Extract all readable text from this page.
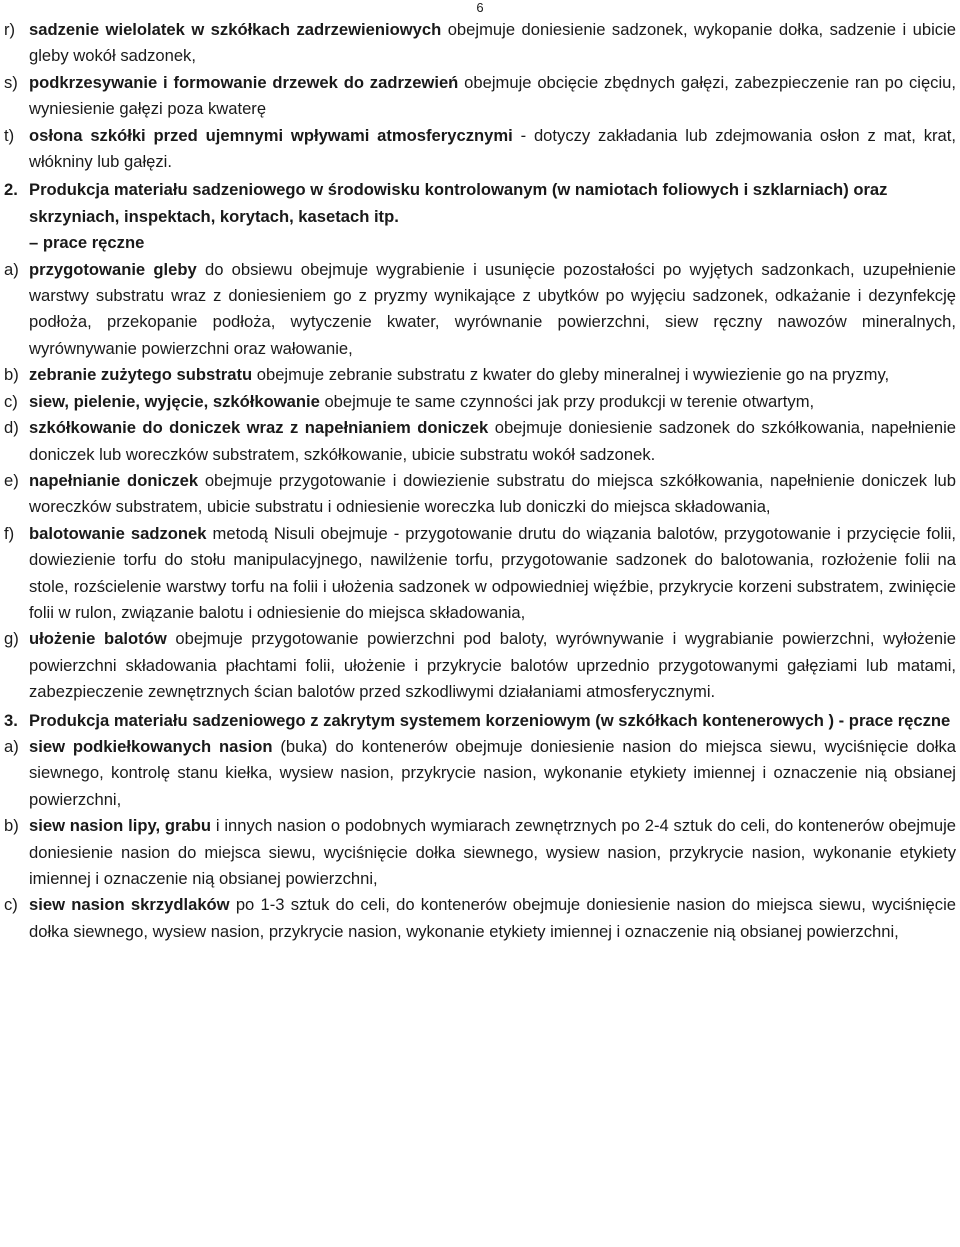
6
r) sadzenie wielolatek w szkółkach zadrzewieniowych obejmuje doniesienie sadzonek, wykopanie dołka, sadzenie i ubicie gleby wokół sadzonek,
s) podkrzesywanie i formowanie drzewek do zadrzewień obejmuje obcięcie zbędnych gałęzi, zabezpieczenie ran po cięciu, wyniesienie gałęzi poza kwaterę
t) osłona szkółki przed ujemnymi wpływami atmosferycznymi - dotyczy zakładania lub zdejmowania osłon z mat, krat, włókniny lub gałęzi.
2. Produkcja materiału sadzeniowego w środowisku kontrolowanym (w namiotach foliowych i szklarniach) oraz skrzyniach, inspektach, korytach, kasetach itp.
– prace ręczne
a) przygotowanie gleby do obsiewu obejmuje wygrabienie i usunięcie pozostałości po wyjętych sadzonkach, uzupełnienie warstwy substratu wraz z doniesieniem go z pryzmy wynikające z ubytków po wyjęciu sadzonek, odkażanie i dezynfekcję podłoża, przekopanie podłoża, wytyczenie kwater, wyrównanie powierzchni, siew ręczny nawozów mineralnych, wyrównywanie powierzchni oraz wałowanie,
b) zebranie zużytego substratu obejmuje zebranie substratu z kwater do gleby mineralnej i wywiezienie go na pryzmy,
c) siew, pielenie, wyjęcie, szkółkowanie obejmuje te same czynności jak przy produkcji w terenie otwartym,
d) szkółkowanie do doniczek wraz z napełnianiem doniczek obejmuje doniesienie sadzonek do szkółkowania, napełnienie doniczek lub woreczków substratem, szkółkowanie, ubicie substratu wokół sadzonek.
e) napełnianie doniczek obejmuje przygotowanie i dowiezienie substratu do miejsca szkółkowania, napełnienie doniczek lub woreczków substratem, ubicie substratu i odniesienie woreczka lub doniczki do miejsca składowania,
f) balotowanie sadzonek metodą Nisuli obejmuje - przygotowanie drutu do wiązania balotów, przygotowanie i przycięcie folii, dowiezienie torfu do stołu manipulacyjnego, nawilżenie torfu, przygotowanie sadzonek do balotowania, rozłożenie folii na stole, rozścielenie warstwy torfu na folii i ułożenia sadzonek w odpowiedniej więźbie, przykrycie korzeni substratem, zwinięcie folii w rulon, związanie balotu i odniesienie do miejsca składowania,
g) ułożenie balotów obejmuje przygotowanie powierzchni pod baloty, wyrównywanie i wygrabianie powierzchni, wyłożenie powierzchni składowania płachtami folii, ułożenie i przykrycie balotów uprzednio przygotowanymi gałęziami lub matami, zabezpieczenie zewnętrznych ścian balotów przed szkodliwymi działaniami atmosferycznymi.
3. Produkcja materiału sadzeniowego z zakrytym systemem korzeniowym (w szkółkach kontenerowych ) - prace ręczne
a) siew podkiełkowanych nasion (buka) do kontenerów obejmuje doniesienie nasion do miejsca siewu, wyciśnięcie dołka siewnego, kontrolę stanu kiełka, wysiew nasion, przykrycie nasion, wykonanie etykiety imiennej i oznaczenie nią obsianej powierzchni,
b) siew nasion lipy, grabu i innych nasion o podobnych wymiarach zewnętrznych po 2-4 sztuk do celi, do kontenerów obejmuje doniesienie nasion do miejsca siewu, wyciśnięcie dołka siewnego, wysiew nasion, przykrycie nasion, wykonanie etykiety imiennej i oznaczenie nią obsianej powierzchni,
c) siew nasion skrzydlaków po 1-3 sztuk do celi, do kontenerów obejmuje doniesienie nasion do miejsca siewu, wyciśnięcie dołka siewnego, wysiew nasion, przykrycie nasion, wykonanie etykiety imiennej i oznaczenie nią obsianej powierzchni,
